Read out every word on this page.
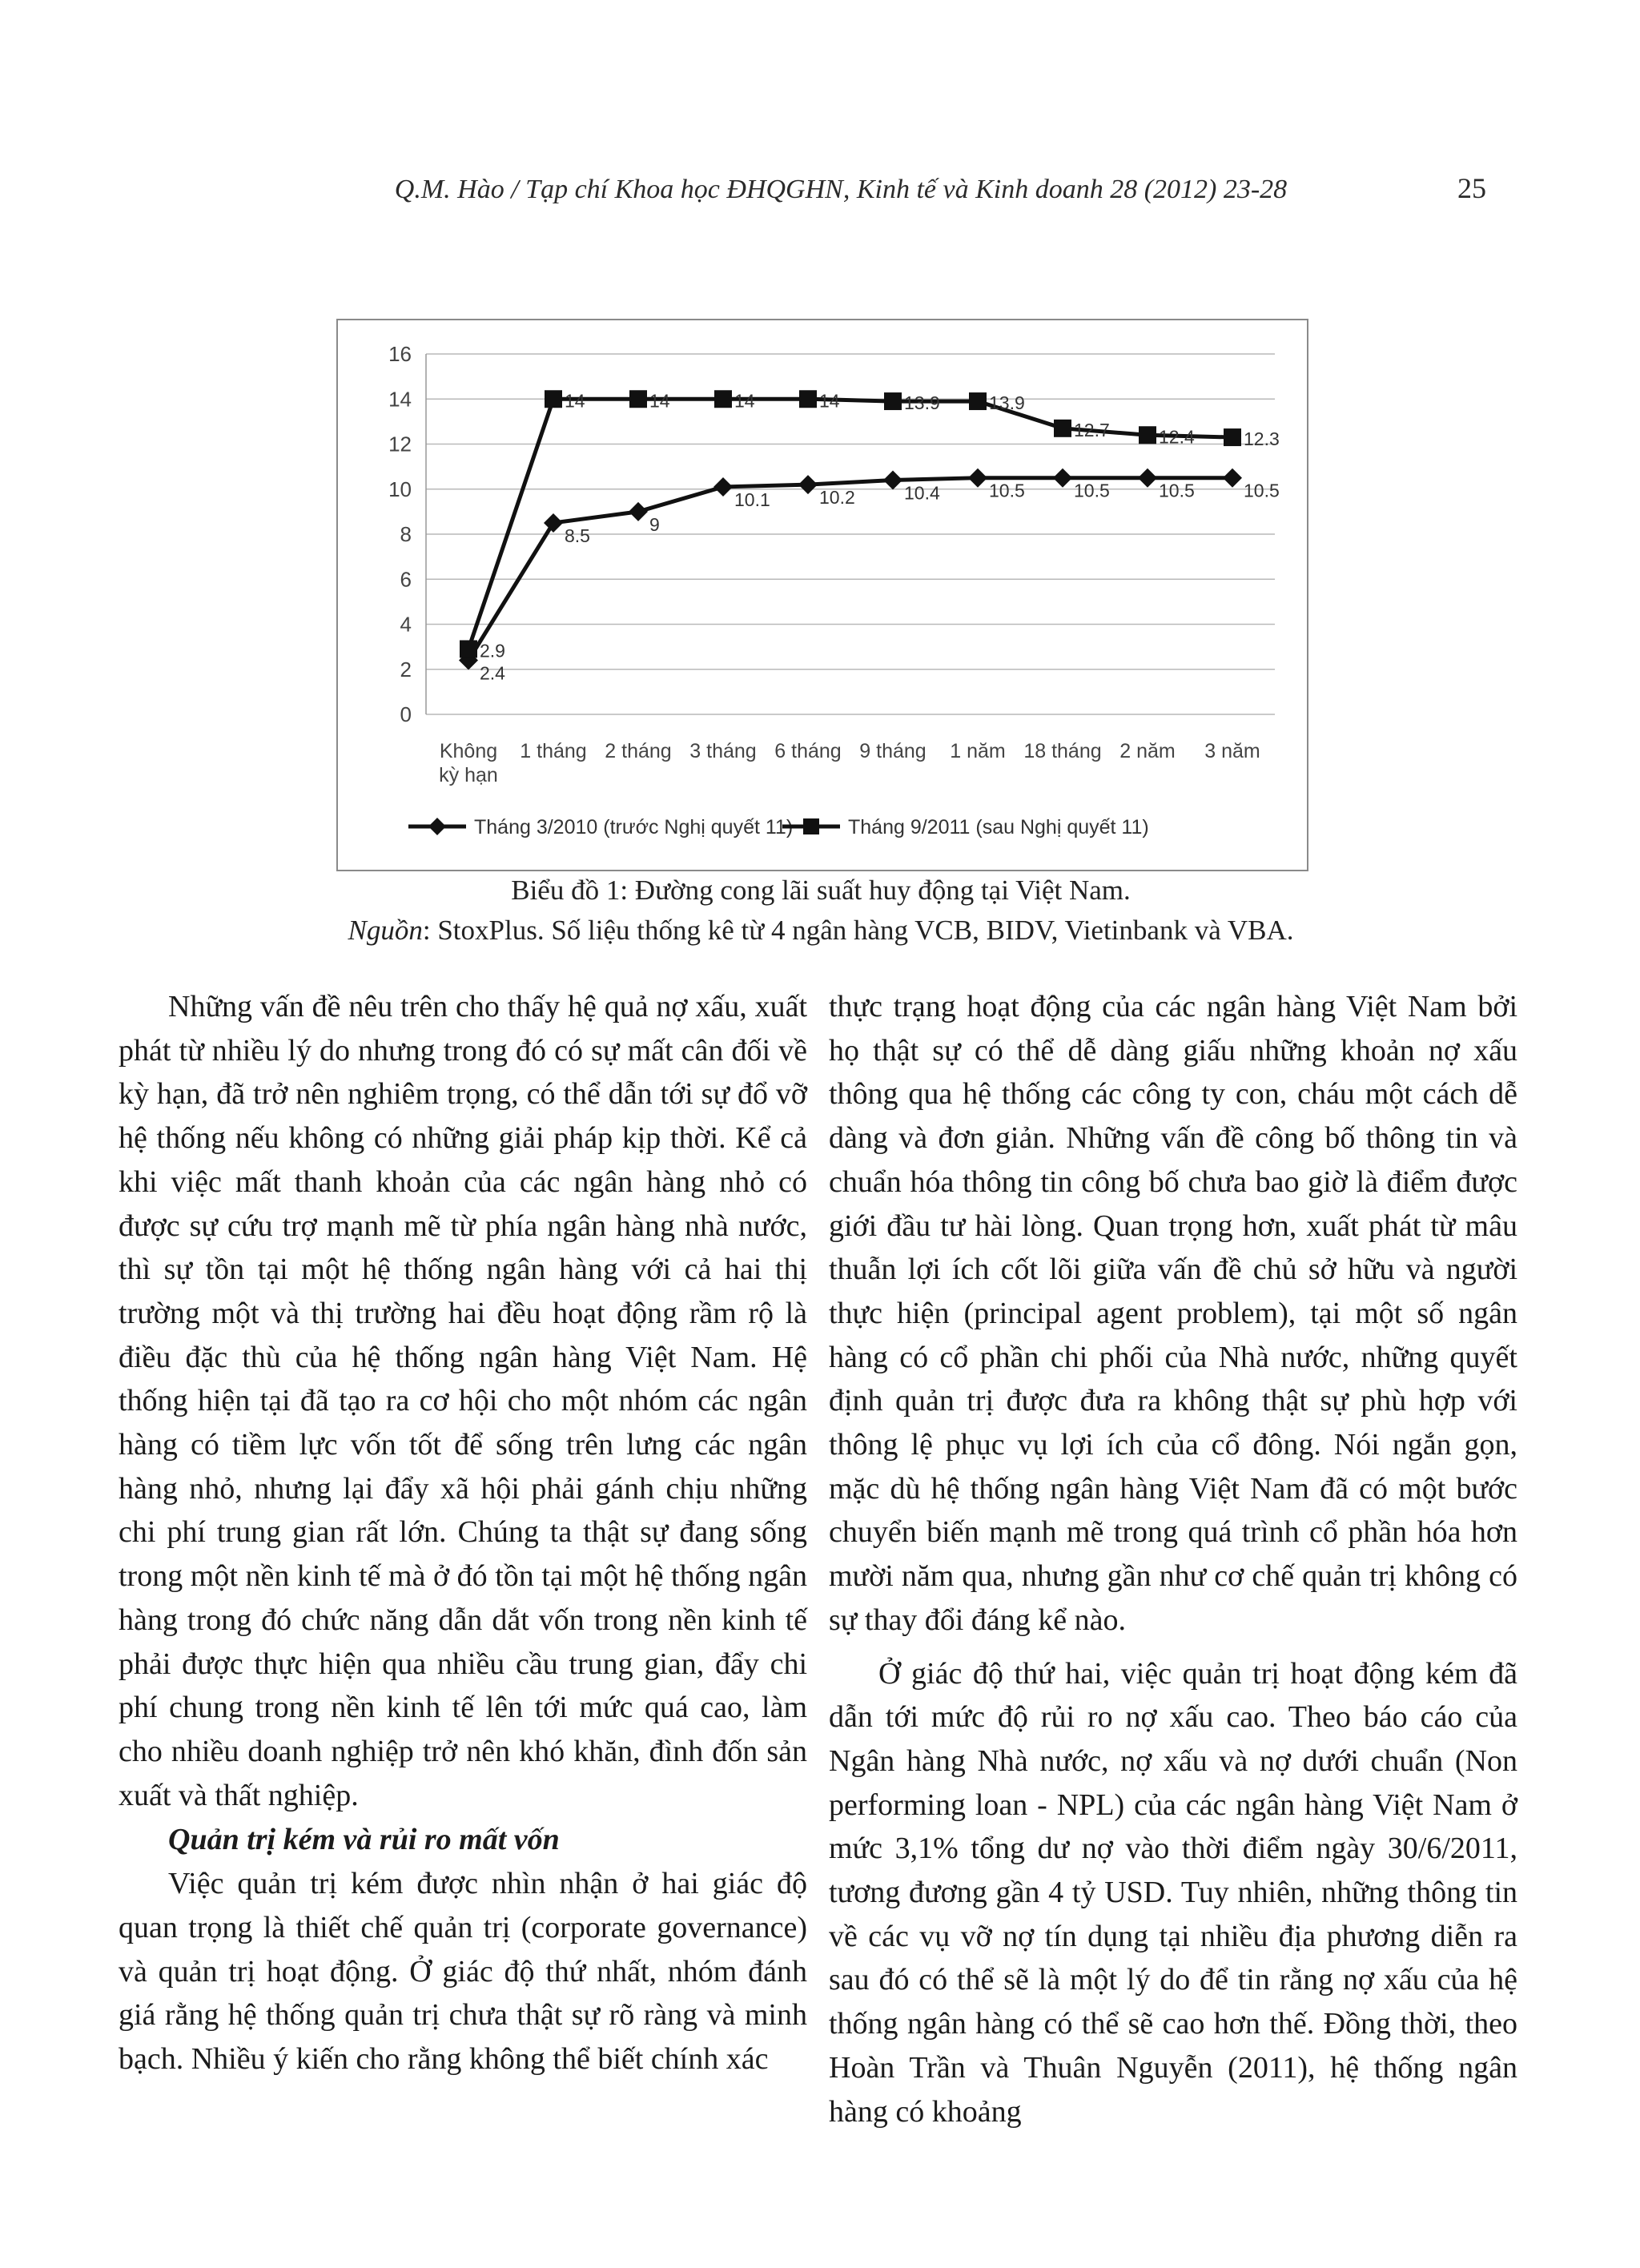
Q.M. Hào / Tạp chí Khoa học ĐHQGHN, Kinh tế và Kinh doanh 28 (2012) 23-28	25
0
2
4
6
8
10
12
14
16
Không kỳ hạn
1 tháng 2 tháng 3 tháng 6 tháng 9 tháng 1 năm 18 tháng 2 năm 3 năm
2.4
8.5
9
10.1	10.2	10.4	10.5	10.5	10.5	10.5
2.9
14	14	14	14	13.9	13.9
12.7	12.4	12.3
Tháng 3/2010 (trước Nghị quyết 11)	Tháng 9/2011 (sau Nghị quyết 11)
Biểu đồ 1: Đường cong lãi suất huy động tại Việt Nam.
Nguồn: StoxPlus. Số liệu thống kê từ 4 ngân hàng VCB, BIDV, Vietinbank và VBA.

Những vấn đề nêu trên cho thấy hệ quả nợ xấu, xuất phát từ nhiều lý do nhưng trong đó có sự mất cân đối về kỳ hạn, đã trở nên nghiêm trọng, có thể dẫn tới sự đổ vỡ hệ thống nếu không có những giải pháp kịp thời. Kể cả khi việc mất thanh khoản của các ngân hàng nhỏ có được sự cứu trợ mạnh mẽ từ phía ngân hàng nhà nước, thì sự tồn tại một hệ thống ngân hàng với cả hai thị trường một và thị trường hai đều hoạt động rầm rộ là điều đặc thù của hệ thống ngân hàng Việt Nam. Hệ thống hiện tại đã tạo ra cơ hội cho một nhóm các ngân hàng có tiềm lực vốn tốt để sống trên lưng các ngân hàng nhỏ, nhưng lại đẩy xã hội phải gánh chịu những chi phí trung gian rất lớn. Chúng ta thật sự đang sống trong một nền kinh tế mà ở đó tồn tại một hệ thống ngân hàng trong đó chức năng dẫn dắt vốn trong nền kinh tế phải được thực hiện qua nhiều cầu trung gian, đẩy chi phí chung trong nền kinh tế lên tới mức quá cao, làm cho nhiều doanh nghiệp trở nên khó khăn, đình đốn sản xuất và thất nghiệp.

Quản trị kém và rủi ro mất vốn

Việc quản trị kém được nhìn nhận ở hai giác độ quan trọng là thiết chế quản trị (corporate governance) và quản trị hoạt động. Ở giác độ thứ nhất, nhóm đánh giá rằng hệ thống quản trị chưa thật sự rõ ràng và minh bạch. Nhiều ý kiến cho rằng không thể biết chính xác

thực trạng hoạt động của các ngân hàng Việt Nam bởi họ thật sự có thể dễ dàng giấu những khoản nợ xấu thông qua hệ thống các công ty con, cháu một cách dễ dàng và đơn giản. Những vấn đề công bố thông tin và chuẩn hóa thông tin công bố chưa bao giờ là điểm được giới đầu tư hài lòng. Quan trọng hơn, xuất phát từ mâu thuẫn lợi ích cốt lõi giữa vấn đề chủ sở hữu và người thực hiện (principal agent problem), tại một số ngân hàng có cổ phần chi phối của Nhà nước, những quyết định quản trị được đưa ra không thật sự phù hợp với thông lệ phục vụ lợi ích của cổ đông. Nói ngắn gọn, mặc dù hệ thống ngân hàng Việt Nam đã có một bước chuyển biến mạnh mẽ trong quá trình cổ phần hóa hơn mười năm qua, nhưng gần như cơ chế quản trị không có sự thay đổi đáng kể nào.

Ở giác độ thứ hai, việc quản trị hoạt động kém đã dẫn tới mức độ rủi ro nợ xấu cao. Theo báo cáo của Ngân hàng Nhà nước, nợ xấu và nợ dưới chuẩn (Non performing loan - NPL) của các ngân hàng Việt Nam ở mức 3,1% tổng dư nợ vào thời điểm ngày 30/6/2011, tương đương gần 4 tỷ USD. Tuy nhiên, những thông tin về các vụ vỡ nợ tín dụng tại nhiều địa phương diễn ra sau đó có thể sẽ là một lý do để tin rằng nợ xấu của hệ thống ngân hàng có thể sẽ cao hơn thế. Đồng thời, theo Hoàn Trần và Thuân Nguyễn (2011), hệ thống ngân hàng có khoảng
